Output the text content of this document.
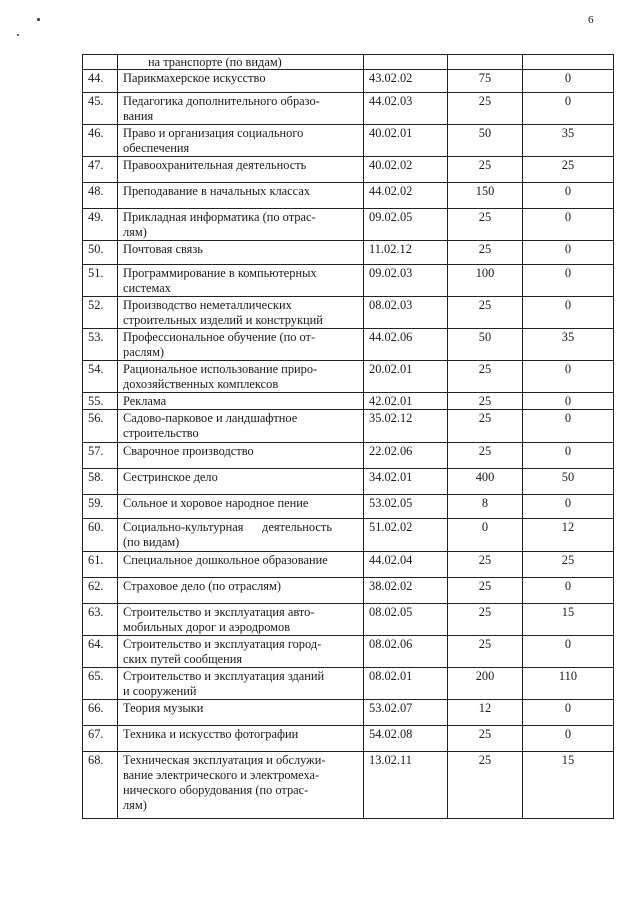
6
	на транспорте (по видам)			
44.	Парикмахерское искусство	43.02.02	75	0
45.	Педагогика дополнительного образо-
вания	44.02.03	25	0
46.	Право и организация социального
обеспечения	40.02.01	50	35
47.	Правоохранительная деятельность	40.02.02	25	25
48.	Преподавание в начальных классах	44.02.02	150	0
49.	Прикладная информатика (по отрас-
лям)	09.02.05	25	0
50.	Почтовая связь	11.02.12	25	0
51.	Программирование в компьютерных
системах	09.02.03	100	0
52.	Производство неметаллических
строительных изделий и конструкций	08.02.03	25	0
53.	Профессиональное обучение (по от-
раслям)	44.02.06	50	35
54.	Рациональное использование приро-
дохозяйственных комплексов	20.02.01	25	0
55.	Реклама	42.02.01	25	0
56.	Садово-парковое и ландшафтное
строительство	35.02.12	25	0
57.	Сварочное производство	22.02.06	25	0
58.	Сестринское дело	34.02.01	400	50
59.	Сольное и хоровое народное пение	53.02.05	8	0
60.	Социально-культурная      деятельность
(по видам)	51.02.02	0	12
61.	Специальное дошкольное образование	44.02.04	25	25
62.	Страховое дело (по отраслям)	38.02.02	25	0
63.	Строительство и эксплуатация авто-
мобильных дорог и аэродромов	08.02.05	25	15
64.	Строительство и эксплуатация город-
ских путей сообщения	08.02.06	25	0
65.	Строительство и эксплуатация зданий
и сооружений	08.02.01	200	110
66.	Теория музыки	53.02.07	12	0
67.	Техника и искусство фотографии	54.02.08	25	0
68.	Техническая эксплуатация и обслужи-
вание электрического и электромеха-
нического оборудования (по отрас-
лям)	13.02.11	25	15
